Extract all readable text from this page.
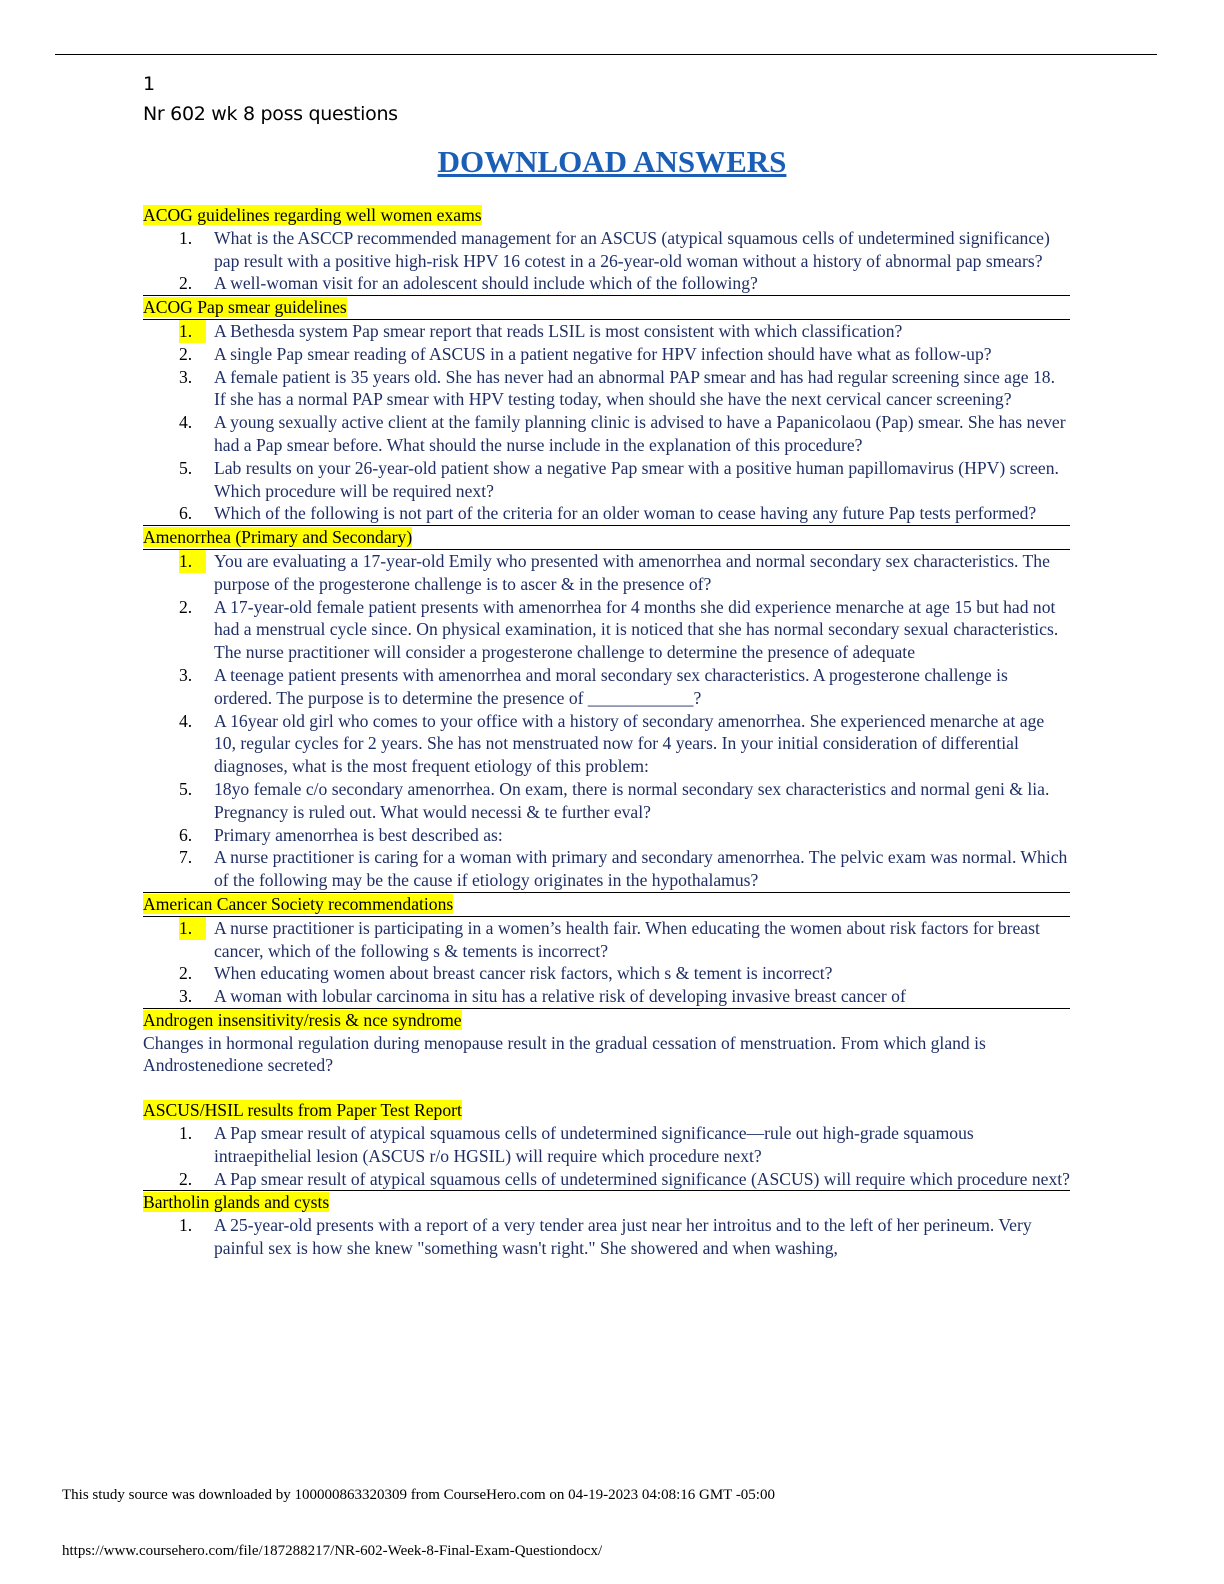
1
Nr 602 wk 8 poss questions
DOWNLOAD ANSWERS
ACOG guidelines regarding well women exams
1. What is the ASCCP recommended management for an ASCUS (atypical squamous cells of undetermined significance) pap result with a positive high-risk HPV 16 cotest in a 26-year-old woman without a history of abnormal pap smears?
2. A well-woman visit for an adolescent should include which of the following?
ACOG Pap smear guidelines
1.	A Bethesda system Pap smear report that reads LSIL is most consistent with which classification?
2. A single Pap smear reading of ASCUS in a patient negative for HPV infection should have what as follow-up?
3. A female patient is 35 years old. She has never had an abnormal PAP smear and has had regular screening since age 18. If she has a normal PAP smear with HPV testing today, when should she have the next cervical cancer screening?
4. A young sexually active client at the family planning clinic is advised to have a Papanicolaou (Pap) smear. She has never had a Pap smear before. What should the nurse include in the explanation of this procedure?
5. Lab results on your 26-year-old patient show a negative Pap smear with a positive human papillomavirus (HPV) screen. Which procedure will be required next?
6. Which of the following is not part of the criteria for an older woman to cease having any future Pap tests performed?
Amenorrhea (Primary and Secondary)
1.	You are evaluating a 17-year-old Emily who presented with amenorrhea and normal secondary sex characteristics. The purpose of the progesterone challenge is to ascer & in the presence of?
2. A 17-year-old female patient presents with amenorrhea for 4 months she did experience menarche at age 15 but had not had a menstrual cycle since. On physical examination, it is noticed that she has normal secondary sexual characteristics. The nurse practitioner will consider a progesterone challenge to determine the presence of adequate
3. A teenage patient presents with amenorrhea and moral secondary sex characteristics. A progesterone challenge is ordered. The purpose is to determine the presence of ____________?
4. A 16year old girl who comes to your office with a history of secondary amenorrhea. She experienced menarche at age 10, regular cycles for 2 years. She has not menstruated now for 4 years. In your initial consideration of differential diagnoses, what is the most frequent etiology of this problem:
5. 18yo female c/o secondary amenorrhea. On exam, there is normal secondary sex characteristics and normal geni & lia. Pregnancy is ruled out. What would necessi & te further eval?
6. Primary amenorrhea is best described as:
7. A nurse practitioner is caring for a woman with primary and secondary amenorrhea. The pelvic exam was normal. Which of the following may be the cause if etiology originates in the hypothalamus?
American Cancer Society recommendations
1.	A nurse practitioner is participating in a women’s health fair. When educating the women about risk factors for breast cancer, which of the following s & tements is incorrect?
2. When educating women about breast cancer risk factors, which s & tement is incorrect?
3. A woman with lobular carcinoma in situ has a relative risk of developing invasive breast cancer of
Androgen insensitivity/resis & nce syndrome
Changes in hormonal regulation during menopause result in the gradual cessation of menstruation. From which gland is Androstenedione secreted?
ASCUS/HSIL results from Paper Test Report
1. A Pap smear result of atypical squamous cells of undetermined significance—rule out high-grade squamous intraepithelial lesion (ASCUS r/o HGSIL) will require which procedure next?
2. A Pap smear result of atypical squamous cells of undetermined significance (ASCUS) will require which procedure next?
Bartholin glands and cysts
1. A 25-year-old presents with a report of a very tender area just near her introitus and to the left of her perineum. Very painful sex is how she knew "something wasn't right." She showered and when washing,
This study source was downloaded by 100000863320309 from CourseHero.com on 04-19-2023 04:08:16 GMT -05:00
https://www.coursehero.com/file/187288217/NR-602-Week-8-Final-Exam-Questiondocx/
